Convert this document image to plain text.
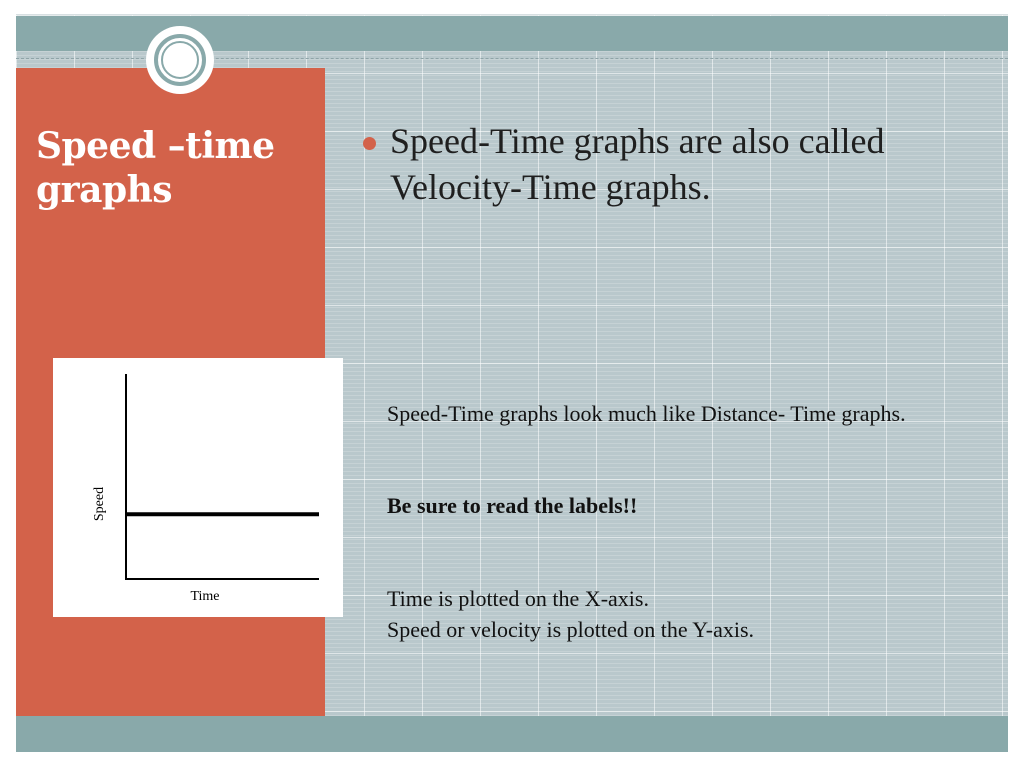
Speed –time graphs
Speed-Time graphs are also called Velocity-Time graphs.
Time
Speed
Speed-Time graphs look much like Distance- Time graphs.
Be sure to read the labels!!
Time is plotted on the X-axis.
Speed or velocity is plotted on the Y-axis.
